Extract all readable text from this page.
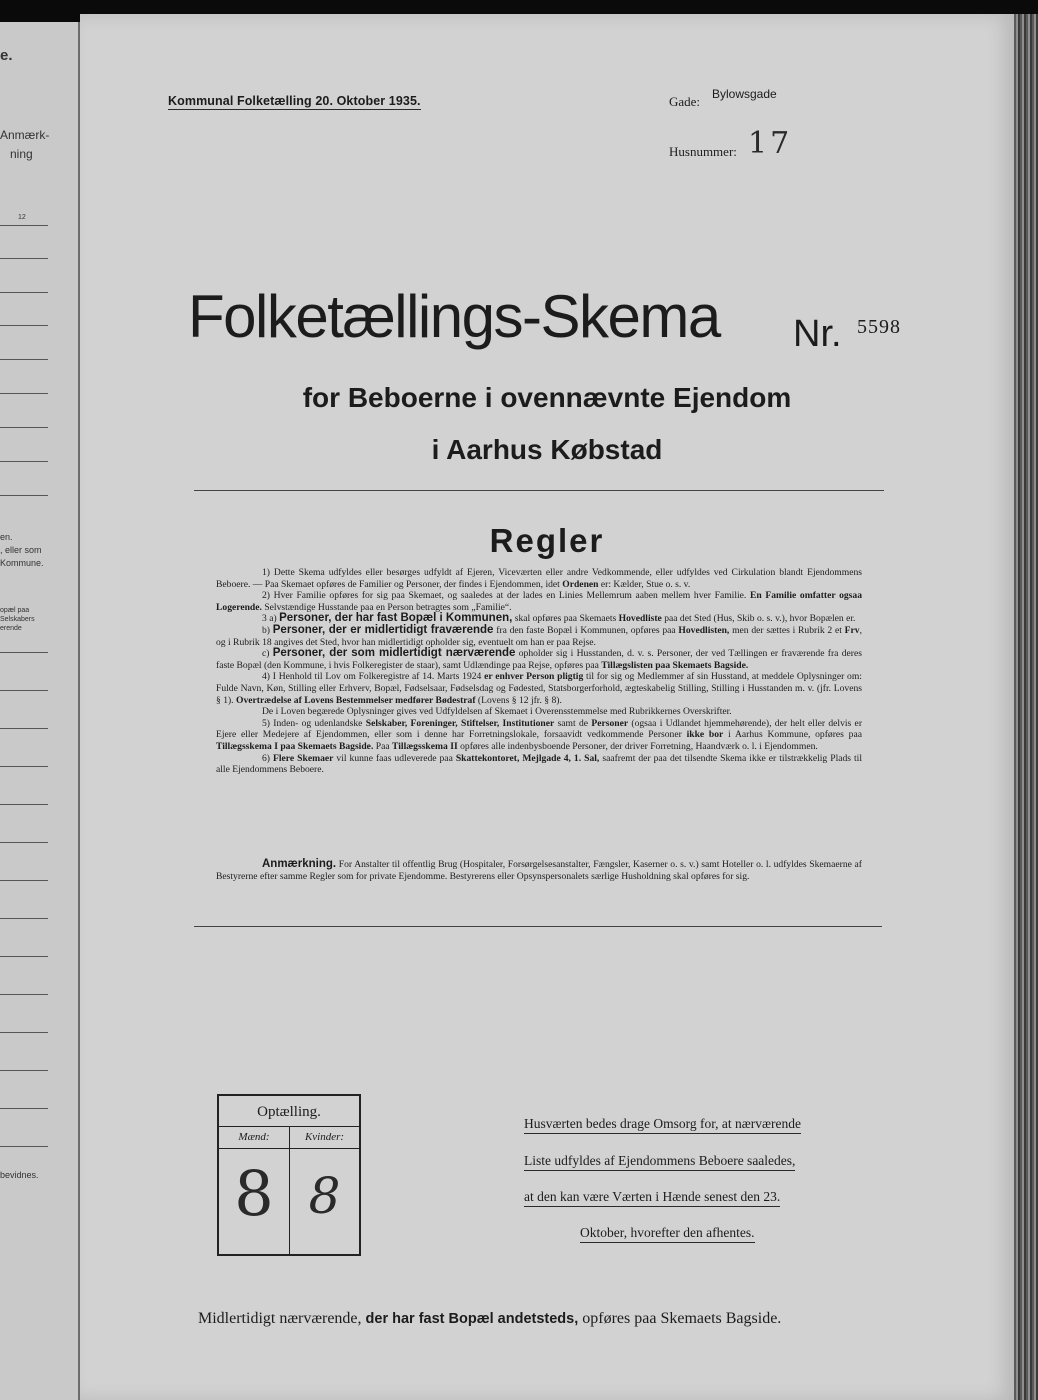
e.
Anmærk-
ning
12
en.
, eller som
Kommune.
opæl paa
Selskabers
erende
bevidnes.
Kommunal Folketælling 20. Oktober 1935.	Gade: Bylowsgade
Husnummer: 17
Folketællings-Skema Nr. 5598
for Beboerne i ovennævnte Ejendom
i Aarhus Købstad
Regler

1) Dette Skema udfyldes eller besørges udfyldt af Ejeren, Viceværten eller andre Vedkommende, eller udfyldes ved Cirkulation blandt Ejendommens Beboere. — Paa Skemaet opføres de Familier og Personer, der findes i Ejendommen, idet Ordenen er: Kælder, Stue o. s. v.

2) Hver Familie opføres for sig paa Skemaet, og saaledes at der lades en Linies Mellemrum aaben mellem hver Familie. En Familie omfatter ogsaa Logerende. Selvstændige Husstande paa en Person betragtes som „Familie“.

3 a) Personer, der har fast Bopæl i Kommunen, skal opføres paa Skemaets Hovedliste paa det Sted (Hus, Skib o. s. v.), hvor Bopælen er.

b) Personer, der er midlertidigt fraværende fra den faste Bopæl i Kommunen, opføres paa Hovedlisten, men der sættes i Rubrik 2 et Frv, og i Rubrik 18 angives det Sted, hvor han midlertidigt opholder sig, eventuelt om han er paa Rejse.

c) Personer, der som midlertidigt nærværende opholder sig i Husstanden, d. v. s. Personer, der ved Tællingen er fraværende fra deres faste Bopæl (den Kommune, i hvis Folkeregister de staar), samt Udlændinge paa Rejse, opføres paa Tillægslisten paa Skemaets Bagside.

4) I Henhold til Lov om Folkeregistre af 14. Marts 1924 er enhver Person pligtig til for sig og Medlemmer af sin Husstand, at meddele Oplysninger om: Fulde Navn, Køn, Stilling eller Erhverv, Bopæl, Fødselsaar, Fødselsdag og Fødested, Statsborgerforhold, ægteskabelig Stilling, Stilling i Husstanden m. v. (jfr. Lovens § 1). Overtrædelse af Lovens Bestemmelser medfører Bødestraf (Lovens § 12 jfr. § 8).

De i Loven begærede Oplysninger gives ved Udfyldelsen af Skemaet i Overensstemmelse med Rubrikkernes Overskrifter.

5) Inden- og udenlandske Selskaber, Foreninger, Stiftelser, Institutioner samt de Personer (ogsaa i Udlandet hjemmehørende), der helt eller delvis er Ejere eller Medejere af Ejendommen, eller som i denne har Forretningslokale, forsaavidt vedkommende Personer ikke bor i Aarhus Kommune, opføres paa Tillægsskema I paa Skemaets Bagside. Paa Tillægsskema II opføres alle indenbysboende Personer, der driver Forretning, Haandværk o. l. i Ejendommen.

6) Flere Skemaer vil kunne faas udleverede paa Skattekontoret, Mejlgade 4, 1. Sal, saafremt der paa det tilsendte Skema ikke er tilstrækkelig Plads til alle Ejendommens Beboere.

Anmærkning. For Anstalter til offentlig Brug (Hospitaler, Forsørgelsesanstalter, Fængsler, Kaserner o. s. v.) samt Hoteller o. l. udfyldes Skemaerne af Bestyrerne efter samme Regler som for private Ejendomme. Bestyrerens eller Opsynspersonalets særlige Husholdning skal opføres for sig.

Optælling.
Mænd:	Kvinder:
8 8
Husværten bedes drage Omsorg for, at nærværende
Liste udfyldes af Ejendommens Beboere saaledes,
at den kan være Værten i Hænde senest den 23.
Oktober, hvorefter den afhentes.
Midlertidigt nærværende, der har fast Bopæl andetsteds, opføres paa Skemaets Bagside.
